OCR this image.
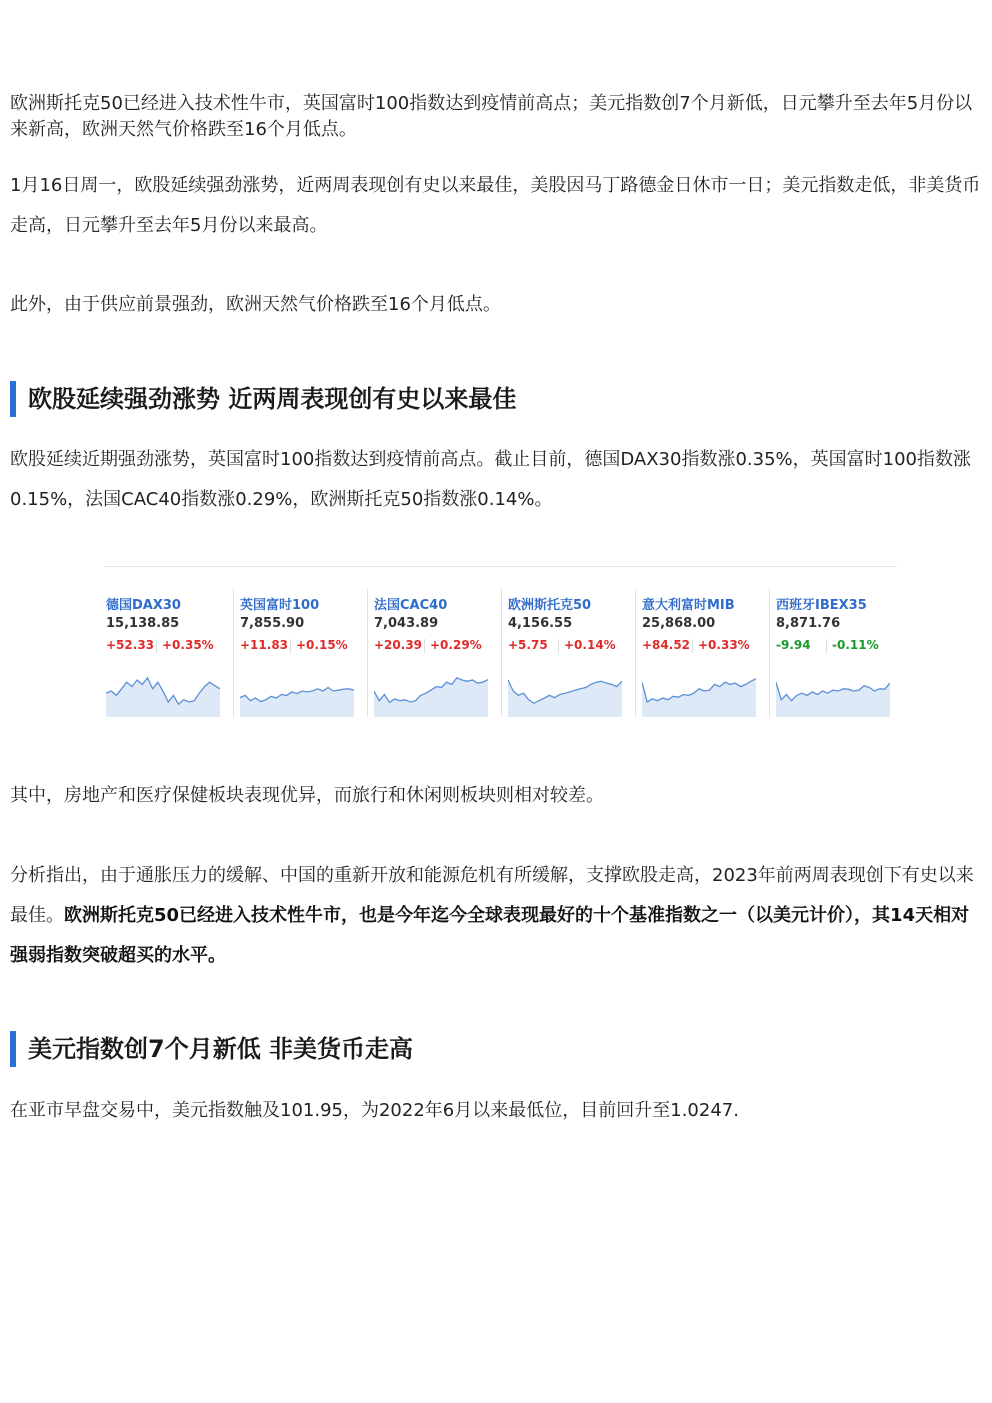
欧洲斯托克50已经进入技术性牛市，英国富时100指数达到疫情前高点；美元指数创7个月新低，日元攀升至去年5月份以来新高，欧洲天然气价格跌至16个月低点。

1月16日周一，欧股延续强劲涨势，近两周表现创有史以来最佳，美股因马丁路德金日休市一日；美元指数走低，非美货币走高，日元攀升至去年5月份以来最高。

此外，由于供应前景强劲，欧洲天然气价格跌至16个月低点。

欧股延续强劲涨势 近两周表现创有史以来最佳

欧股延续近期强劲涨势，英国富时100指数达到疫情前高点。截止目前，德国DAX30指数涨0.35%，英国富时100指数涨0.15%，法国CAC40指数涨0.29%，欧洲斯托克50指数涨0.14%。

德国DAX30
15,138.85
+52.33 +0.35%
英国富时100
7,855.90
+11.83 +0.15%
法国CAC40
7,043.89
+20.39 +0.29%
欧洲斯托克50
4,156.55
+5.75 +0.14%
意大利富时MIB
25,868.00
+84.52 +0.33%
西班牙IBEX35
8,871.76
-9.94 -0.11%

其中，房地产和医疗保健板块表现优异，而旅行和休闲则板块则相对较差。

分析指出，由于通胀压力的缓解、中国的重新开放和能源危机有所缓解，支撑欧股走高，2023年前两周表现创下有史以来最佳。欧洲斯托克50已经进入技术性牛市，也是今年迄今全球表现最好的十个基准指数之一（以美元计价），其14天相对强弱指数突破超买的水平。

美元指数创7个月新低 非美货币走高

在亚市早盘交易中，美元指数触及101.95，为2022年6月以来最低位，目前回升至1.0247.
